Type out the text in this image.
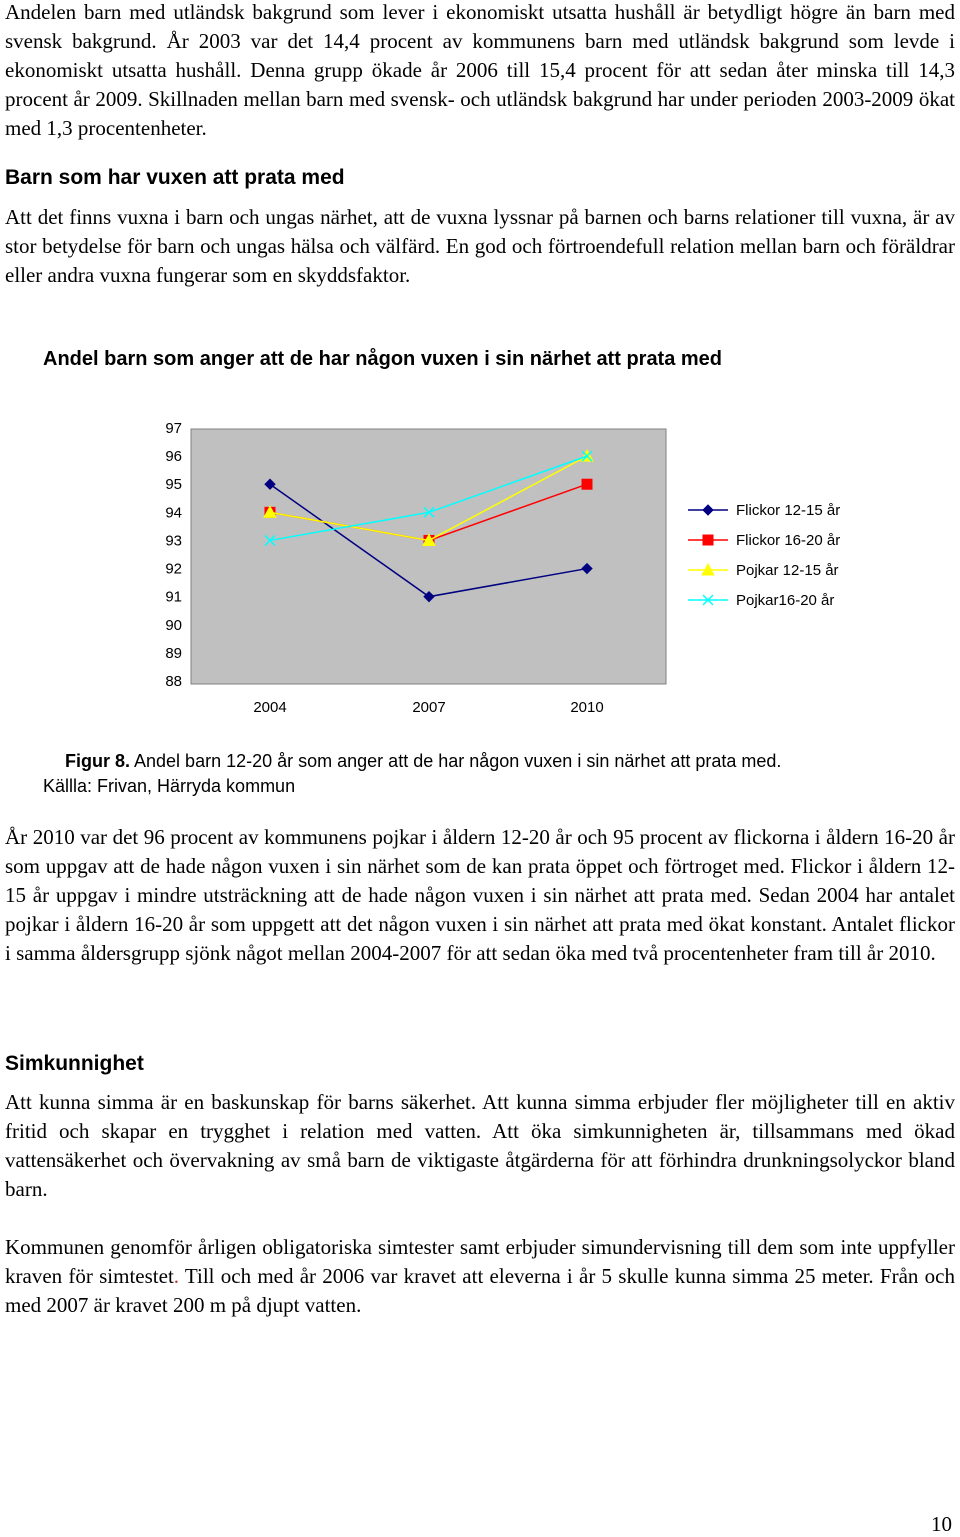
Andelen barn med utländsk bakgrund som lever i ekonomiskt utsatta hushåll är betydligt högre än barn med svensk bakgrund. År 2003 var det 14,4 procent av kommunens barn med utländsk bakgrund som levde i ekonomiskt utsatta hushåll. Denna grupp ökade år 2006 till 15,4 procent för att sedan åter minska till 14,3 procent år 2009. Skillnaden mellan barn med svensk- och utländsk bakgrund har under perioden 2003-2009 ökat med 1,3 procentenheter.

Barn som har vuxen att prata med

Att det finns vuxna i barn och ungas närhet, att de vuxna lyssnar på barnen och barns relationer till vuxna, är av stor betydelse för barn och ungas hälsa och välfärd. En god och förtroendefull relation mellan barn och föräldrar eller andra vuxna fungerar som en skyddsfaktor.

Andel barn som anger att de har någon vuxen i sin närhet att prata med
97
96
95
94
93
92
91
90
89
88
2004	2007	2010
Flickor 12-15 år
Flickor 16-20 år
Pojkar 12-15 år
Pojkar16-20 år
Figur 8. Andel barn 12-20 år som anger att de har någon vuxen i sin närhet att prata med.
Källla: Frivan, Härryda kommun

År 2010 var det 96 procent av kommunens pojkar i åldern 12-20 år och 95 procent av flickorna i åldern 16-20 år som uppgav att de hade någon vuxen i sin närhet som de kan prata öppet och förtroget med. Flickor i åldern 12-15 år uppgav i mindre utsträckning att de hade någon vuxen i sin närhet att prata med. Sedan 2004 har antalet pojkar i åldern 16-20 år som uppgett att det någon vuxen i sin närhet att prata med ökat konstant. Antalet flickor i samma åldersgrupp sjönk något mellan 2004-2007 för att sedan öka med två procentenheter fram till år 2010.

Simkunnighet

Att kunna simma är en baskunskap för barns säkerhet. Att kunna simma erbjuder fler möjligheter till en aktiv fritid och skapar en trygghet i relation med vatten. Att öka simkunnigheten är, tillsammans med ökad vattensäkerhet och övervakning av små barn de viktigaste åtgärderna för att förhindra drunkningsolyckor bland barn.

Kommunen genomför årligen obligatoriska simtester samt erbjuder simundervisning till dem som inte uppfyller kraven för simtestet. Till och med år 2006 var kravet att eleverna i år 5 skulle kunna simma 25 meter. Från och med 2007 är kravet 200 m på djupt vatten.

10
